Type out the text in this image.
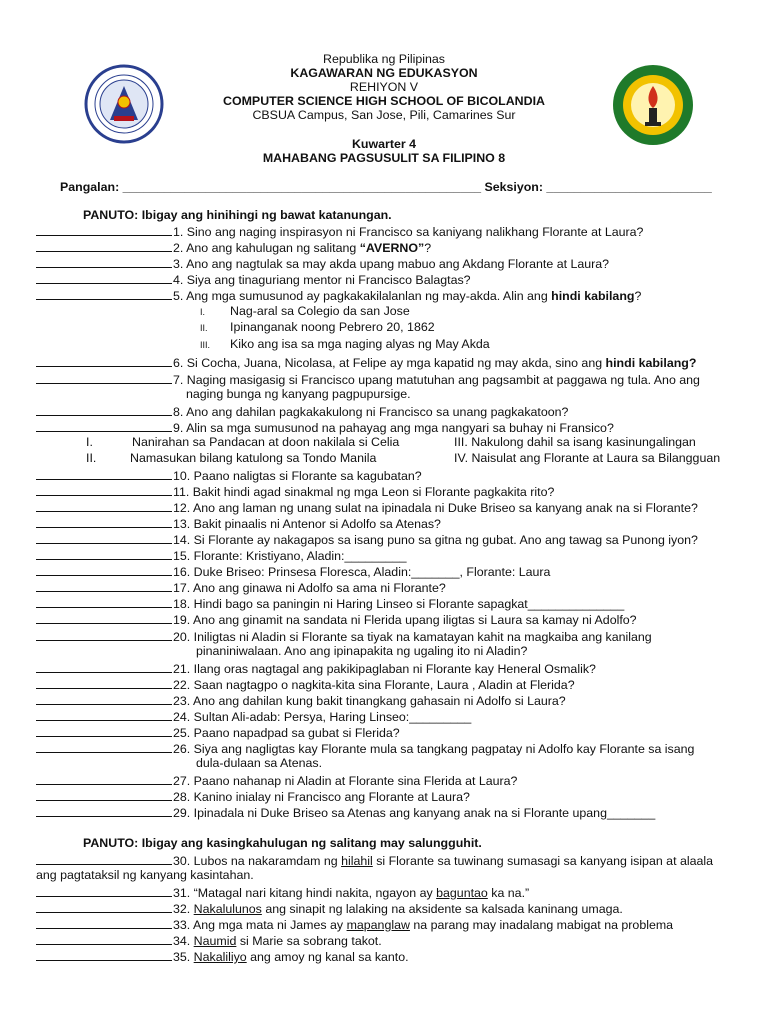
Republika ng Pilipinas
KAGAWARAN NG EDUKASYON
REHIYON V
COMPUTER SCIENCE HIGH SCHOOL OF BICOLANDIA
CBSUA Campus, San Jose, Pili, Camarines Sur
Kuwarter 4
MAHABANG PAGSUSULIT SA FILIPINO 8
Pangalan: ____________________________________________________ Seksiyon: ________________________
PANUTO: Ibigay ang hinihingi ng bawat katanungan.
1. Sino ang naging inspirasyon ni Francisco sa kaniyang nalikhang Florante at Laura?
2. Ano ang kahulugan ng salitang “AVERNO”?
3. Ano ang nagtulak sa may akda upang mabuo ang Akdang Florante at Laura?
4. Siya ang tinaguriang mentor ni Francisco Balagtas?
5. Ang mga sumusunod ay pagkakakilalanlan ng may-akda. Alin ang hindi kabilang?
I. Nag-aral sa Colegio da san Jose
II. Ipinanganak noong Pebrero 20, 1862
III. Kiko ang isa sa mga naging alyas ng May Akda
6. Si Cocha, Juana, Nicolasa, at Felipe ay mga kapatid ng may akda, sino ang hindi kabilang?
7. Naging masigasig si Francisco upang matutuhan ang pagsambit at paggawa ng tula. Ano ang
naging bunga ng kanyang pagpupursige.
8. Ano ang dahilan pagkakakulong ni Francisco sa unang pagkakatoon?
9. Alin sa mga sumusunod na pahayag ang mga nangyari sa buhay ni Fransico?
I.	Nanirahan sa Pandacan at doon nakilala si Celia	III. Nakulong dahil sa isang kasinungalingan
II.	Namasukan bilang katulong sa Tondo Manila	IV. Naisulat ang Florante at Laura sa Bilangguan
10. Paano naligtas si Florante sa kagubatan?
11. Bakit hindi agad sinakmal ng mga Leon si Florante pagkakita rito?
12. Ano ang laman ng unang sulat na ipinadala ni Duke Briseo sa kanyang anak na si Florante?
13. Bakit pinaalis ni Antenor si Adolfo sa Atenas?
14. Si Florante ay nakagapos sa isang puno sa gitna ng gubat. Ano ang tawag sa Punong iyon?
15. Florante: Kristiyano, Aladin:_________
16. Duke Briseo: Prinsesa Floresca, Aladin:_______, Florante: Laura
17. Ano ang ginawa ni Adolfo sa ama ni Florante?
18. Hindi bago sa paningin ni Haring Linseo si Florante sapagkat______________
19. Ano ang ginamit na sandata ni Flerida upang iligtas si Laura sa kamay ni Adolfo?
20. Iniligtas ni Aladin si Florante sa tiyak na kamatayan kahit na magkaiba ang kanilang
pinaniniwalaan. Ano ang ipinapakita ng ugaling ito ni Aladin?
21. Ilang oras nagtagal ang pakikipaglaban ni Florante kay Heneral Osmalik?
22. Saan nagtagpo o nagkita-kita sina Florante, Laura , Aladin at Flerida?
23. Ano ang dahilan kung bakit tinangkang gahasain ni Adolfo si Laura?
24. Sultan Ali-adab: Persya, Haring Linseo:_________
25. Paano napadpad sa gubat si Flerida?
26. Siya ang nagligtas kay Florante mula sa tangkang pagpatay ni Adolfo kay Florante sa isang
dula-dulaan sa Atenas.
27. Paano nahanap ni Aladin at Florante sina Flerida at Laura?
28. Kanino inialay ni Francisco ang Florante at Laura?
29. Ipinadala ni Duke Briseo sa Atenas ang kanyang anak na si Florante upang_______
PANUTO: Ibigay ang kasingkahulugan ng salitang may salungguhit.
30. Lubos na nakaramdam ng hilahil si Florante sa tuwinang sumasagi sa kanyang isipan at alaala
ang pagtataksil ng kanyang kasintahan.
31. “Matagal nari kitang hindi nakita, ngayon ay baguntao ka na.”
32. Nakalulunos ang sinapit ng lalaking na aksidente sa kalsada kaninang umaga.
33. Ang mga mata ni James ay mapanglaw na parang may inadalang mabigat na problema
34. Naumid si Marie sa sobrang takot.
35. Nakaliliyo ang amoy ng kanal sa kanto.
